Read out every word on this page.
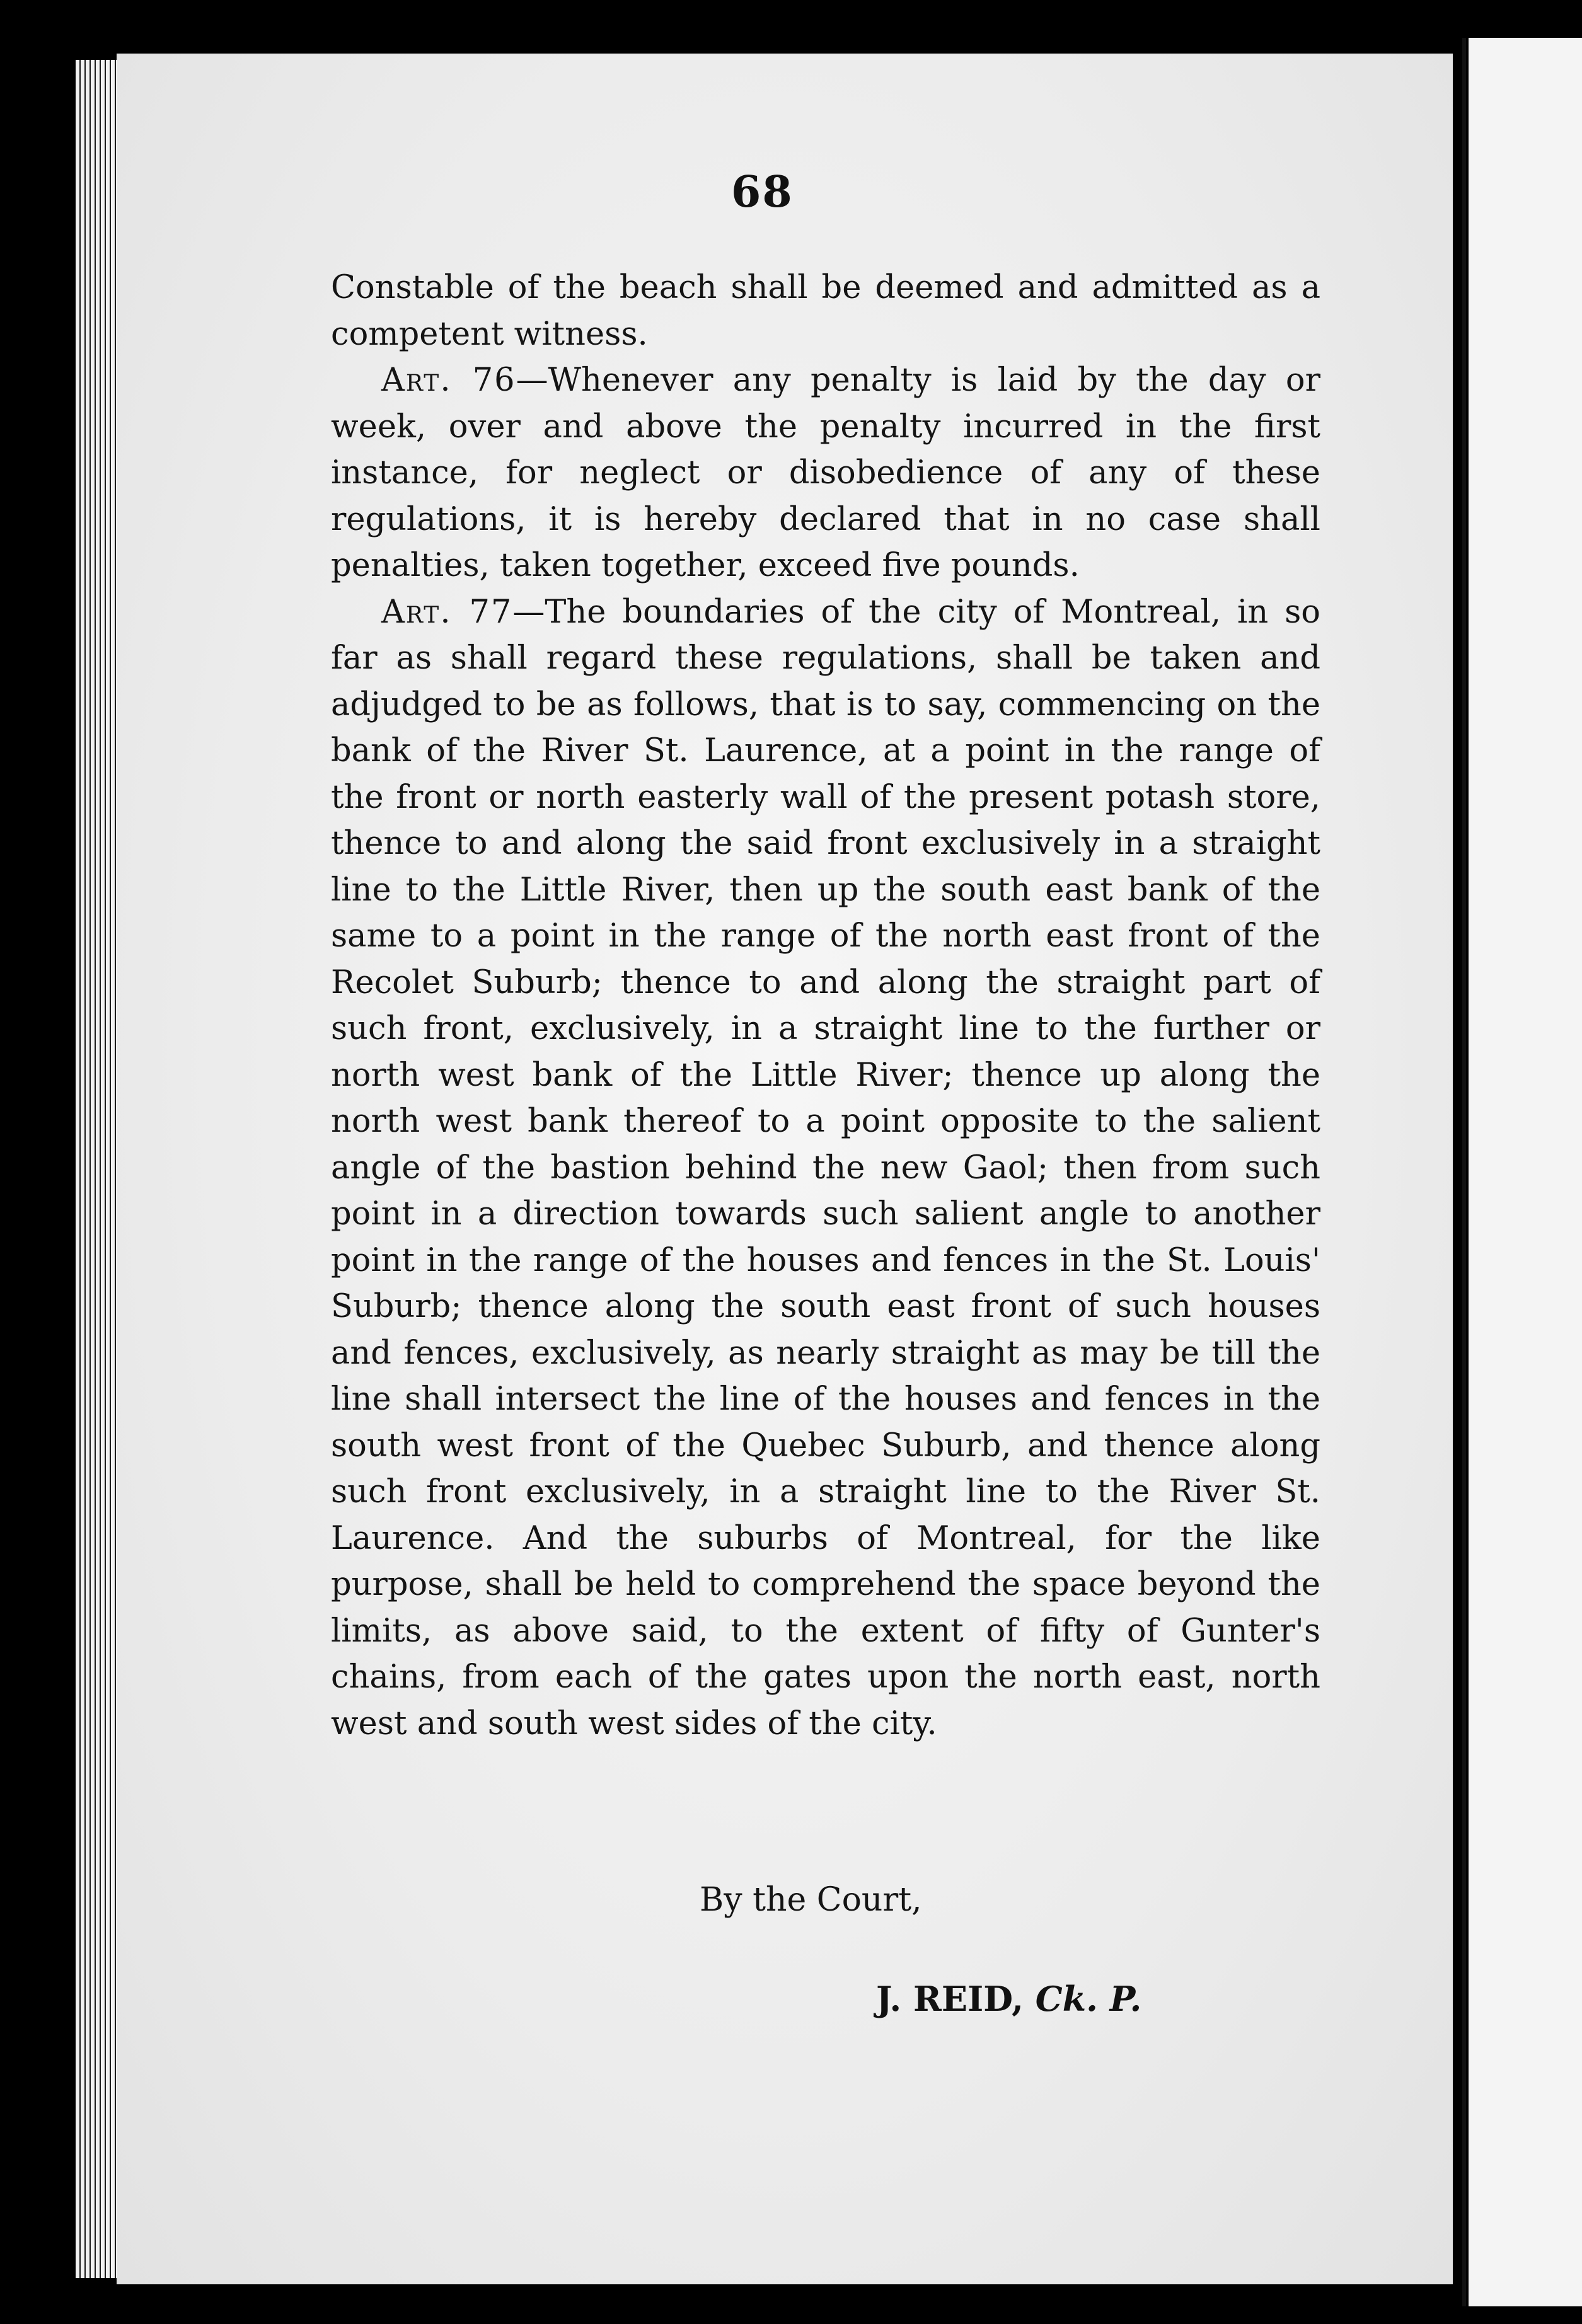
68

Constable of the beach shall be deemed and admitted as a competent witness.

Art. 76—Whenever any penalty is laid by the day or week, over and above the penalty incurred in the first instance, for neglect or disobedience of any of these regulations, it is hereby declared that in no case shall penalties, taken together, exceed five pounds.

Art. 77—The boundaries of the city of Montreal, in so far as shall regard these regulations, shall be taken and adjudged to be as follows, that is to say, commencing on the bank of the River St. Laurence, at a point in the range of the front or north easterly wall of the present potash store, thence to and along the said front exclusively in a straight line to the Little River, then up the south east bank of the same to a point in the range of the north east front of the Recolet Suburb; thence to and along the straight part of such front, exclusively, in a straight line to the further or north west bank of the Little River; thence up along the north west bank thereof to a point opposite to the salient angle of the bastion behind the new Gaol; then from such point in a direction towards such salient angle to another point in the range of the houses and fences in the St. Louis' Suburb; thence along the south east front of such houses and fences, exclusively, as nearly straight as may be till the line shall intersect the line of the houses and fences in the south west front of the Quebec Suburb, and thence along such front exclusively, in a straight line to the River St. Laurence. And the suburbs of Montreal, for the like purpose, shall be held to comprehend the space beyond the limits, as above said, to the extent of fifty of Gunter's chains, from each of the gates upon the north east, north west and south west sides of the city.

By the Court,
J. REID, Ck. P.
